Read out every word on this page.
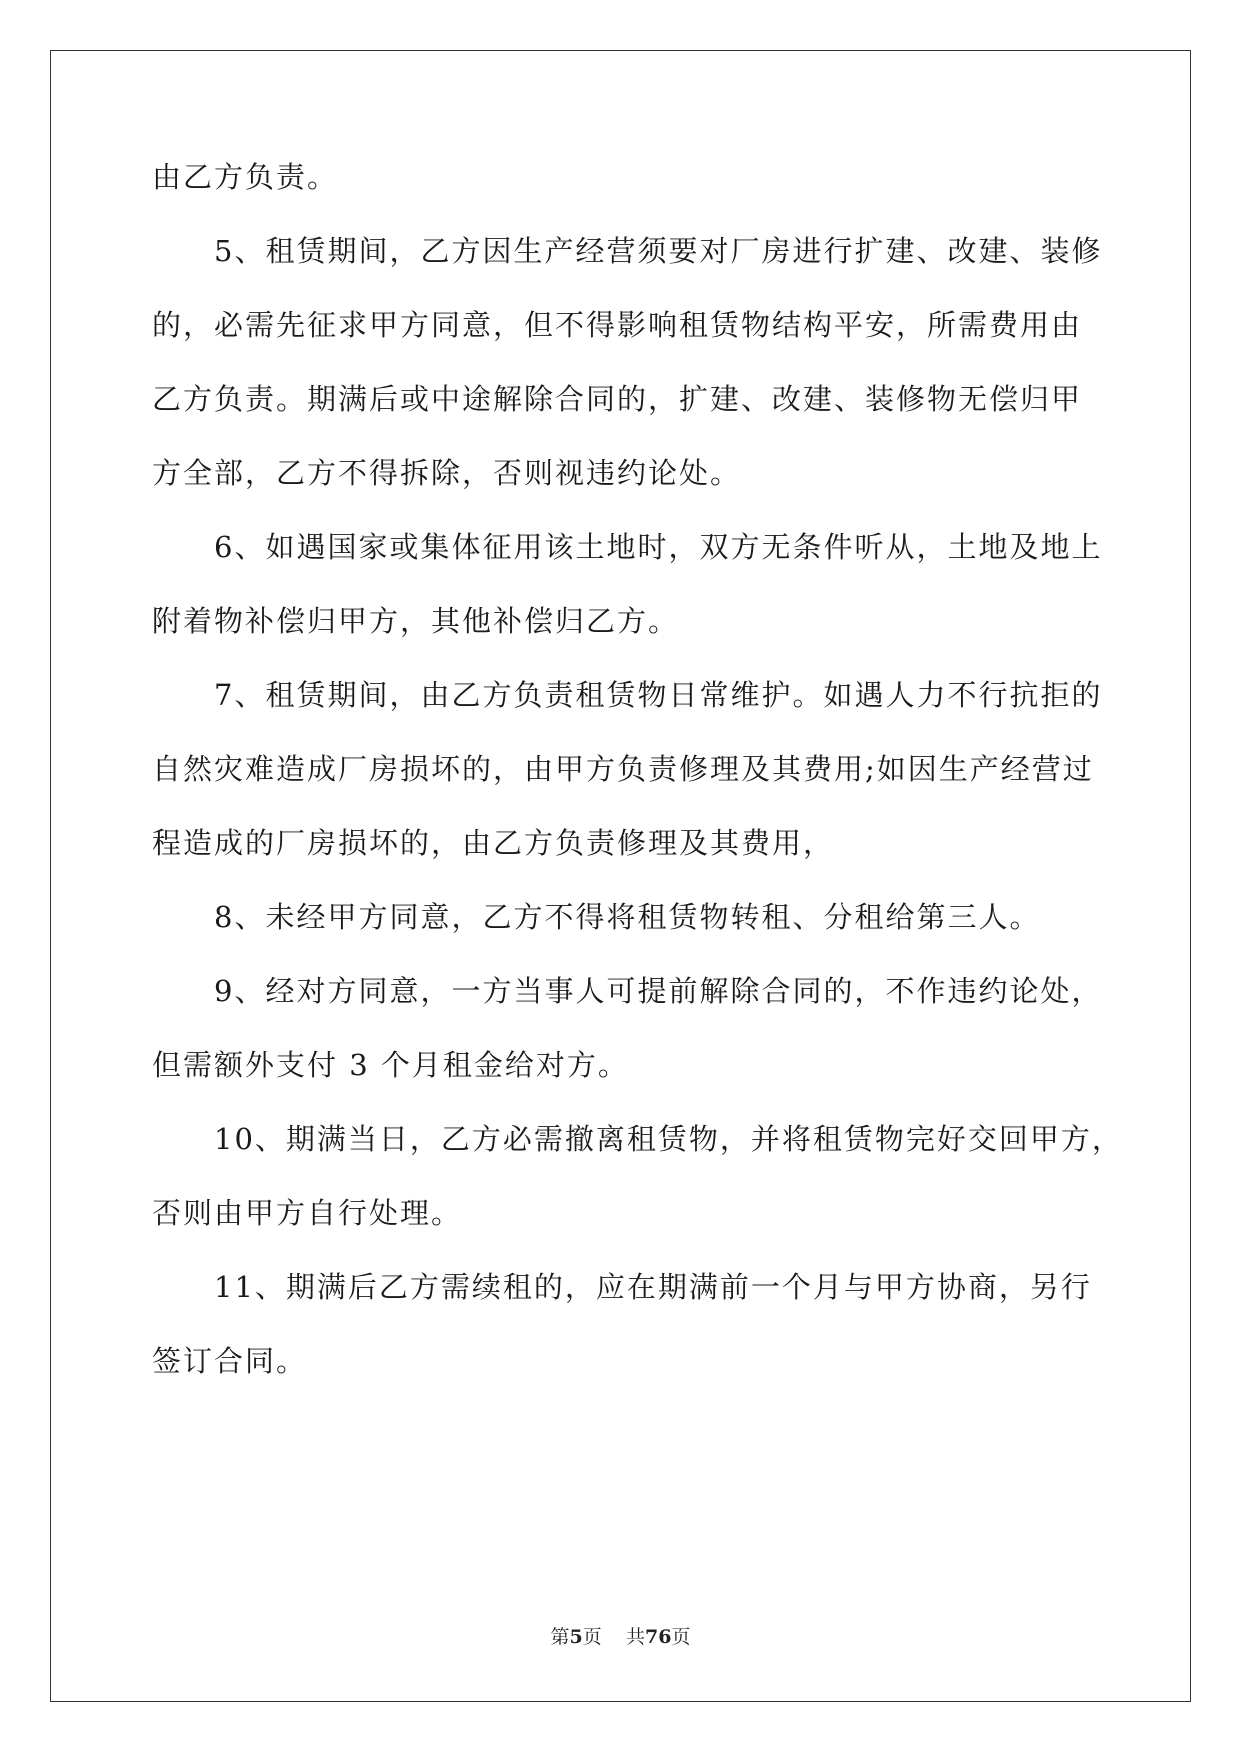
由乙方负责。
5、租赁期间，乙方因生产经营须要对厂房进行扩建、改建、装修
的，必需先征求甲方同意，但不得影响租赁物结构平安，所需费用由
乙方负责。期满后或中途解除合同的，扩建、改建、装修物无偿归甲
方全部，乙方不得拆除，否则视违约论处。
6、如遇国家或集体征用该土地时，双方无条件听从，土地及地上
附着物补偿归甲方，其他补偿归乙方。
7、租赁期间，由乙方负责租赁物日常维护。如遇人力不行抗拒的
自然灾难造成厂房损坏的，由甲方负责修理及其费用;如因生产经营过
程造成的厂房损坏的，由乙方负责修理及其费用，
8、未经甲方同意，乙方不得将租赁物转租、分租给第三人。
9、经对方同意，一方当事人可提前解除合同的，不作违约论处，
但需额外支付 3 个月租金给对方。
10、期满当日，乙方必需撤离租赁物，并将租赁物完好交回甲方，
否则由甲方自行处理。
11、期满后乙方需续租的，应在期满前一个月与甲方协商，另行
签订合同。
第5页 共76页
